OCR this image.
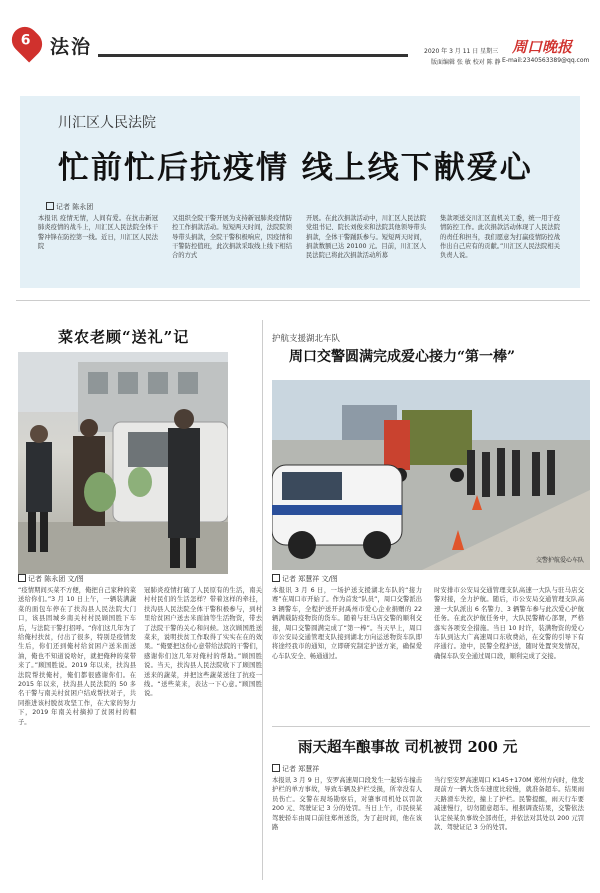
6	法治	2020 年 3 月 11 日 星期三 周口晚报
版面编辑 张 敏 校对 陈 静 E-mail:2340563389@qq.com
川汇区人民法院
忙前忙后抗疫情 线上线下献爱心
记者 陈永团
本报讯 疫情无情，人间有爱。在抗击新冠肺炎疫情的战斗上，川汇区人民法院全体干警冲锋在防控第一线。近日，川汇区人民法院
又组织全院干警开展为支持新冠肺炎疫情防控工作捐款活动。短短两天时间，法院院领导带头捐款，全院干警积极响应，因疫情和干警防控值班，此次捐款采取线上线下相结合的方式
开展。在此次捐款活动中，川汇区人民法院党组书记、院长刘俊来和法院其他领导带头捐款，全体干警踊跃参与。短短两天时间，捐款数额已达 20100 元。目前，川汇区人民法院已将此次捐款活动所募
集款项送交川汇区直机关工委，统一用于疫情防控工作。此次捐款活动体现了人民法院的责任和担当，我们愿意为打赢疫情防控战作出自己应有的贡献。”川汇区人民法院相关负责人说。
菜农老顾“送礼”记
记者 陈永团 文/图
“疫情期间买菜不方便，俺把自己家种的菜送给你们。”3 月 10 日上午，一辆装满蔬菜的面包车停在了扶沟县人民法院大门口，该县固城乡南关村村民顾国胜下车后，与法院干警打招呼。“你们这几年为了给俺村扶贫，付出了很多，特别是疫情发生后，你们还到俺村给贫困户送米面送油，俺也不知道说啥好，就把俺种的菜带来了。”顾国胜说。2019 年以来，扶沟县法院帮扶俺村，俺们都很感谢你们。在 2015 年以来，扶沟县人民法院的 50 多名干警与南关村贫困户结成帮扶对子，共同推进该村脱贫攻坚工作，在大家的努力下，2019 年南关村摘掉了贫困村的帽子。
冠肺炎疫情打破了人民原有的生活，南关村村民们的生活怎样？带着这样的牵挂，扶沟县人民法院全体干警积极参与，到村里给贫困户送去米面油等生活物资，带去了法院干警的关心和问候。这次顾国胜送菜来，说明扶贫工作取得了实实在在的效果。“俺要把这份心意带给法院的干警们，感谢你们这几年对俺村的帮助。”顾国胜说。当天，扶沟县人民法院收下了顾国胜送来的蔬菜，并把这些蔬菜送往了抗疫一线。“送些菜来，表达一下心意。”顾国胜说。
护航支援湖北车队
周口交警圆满完成爱心接力“第一棒”
交警护航爱心车队
记者 郑慧祥 文/图
本报讯 3 月 6 日，一场护送支援湖北车队的“接力赛”在周口市开始了。作为首发“队员”，周口交警派出 3 辆警车，全程护送开封禹州市爱心企业捐赠的 22 辆满载防疫物资的货车。随着与驻马店交警的顺利交接，周口交警圆满完成了“第一棒”。当天早上，周口市公安局交通管理支队接到湖北方向运送物资车队即将途经我市的通知，立即研究制定护送方案，确保爱心车队安全、畅通通过。
时安排市公安局交通管理支队高速一大队与驻马店交警对接，全力护航。随后，市公安局交通管理支队高速一大队派出 6 名警力、3 辆警车参与此次爱心护航任务。在此次护航任务中，大队民警精心部署，严格落实各项安全措施。当日 10 时许，装满物资的爱心车队到达大广高速周口东收费站，在交警的引导下有序通行。途中，民警全程护送，随时处置突发情况，确保车队安全通过周口段，顺利完成了交接。
雨天超车酿事故 司机被罚 200 元
记者 郑慧祥
本报讯 3 月 9 日，安罗高速周口段发生一起轿车撞击护栏的单方事故，导致车辆及护栏受损，所幸没有人员伤亡。交警在现场勘察后，对肇事司机处以罚款 200 元、驾驶证记 3 分的处罚。当日上午，市民侯某驾驶轿车由周口前往郑州送货，为了赶时间，他在该路
当行至安罗高速周口 K145+170M 郑州方向时，他发现前方一辆大货车速度比较慢，就准备超车。结果雨天路滑车失控，撞上了护栏。民警提醒，雨天行车要减速慢行，切勿随意超车。根据调查结果，交警依法认定侯某负事故全部责任，并依法对其处以 200 元罚款、驾驶证记 3 分的处罚。
